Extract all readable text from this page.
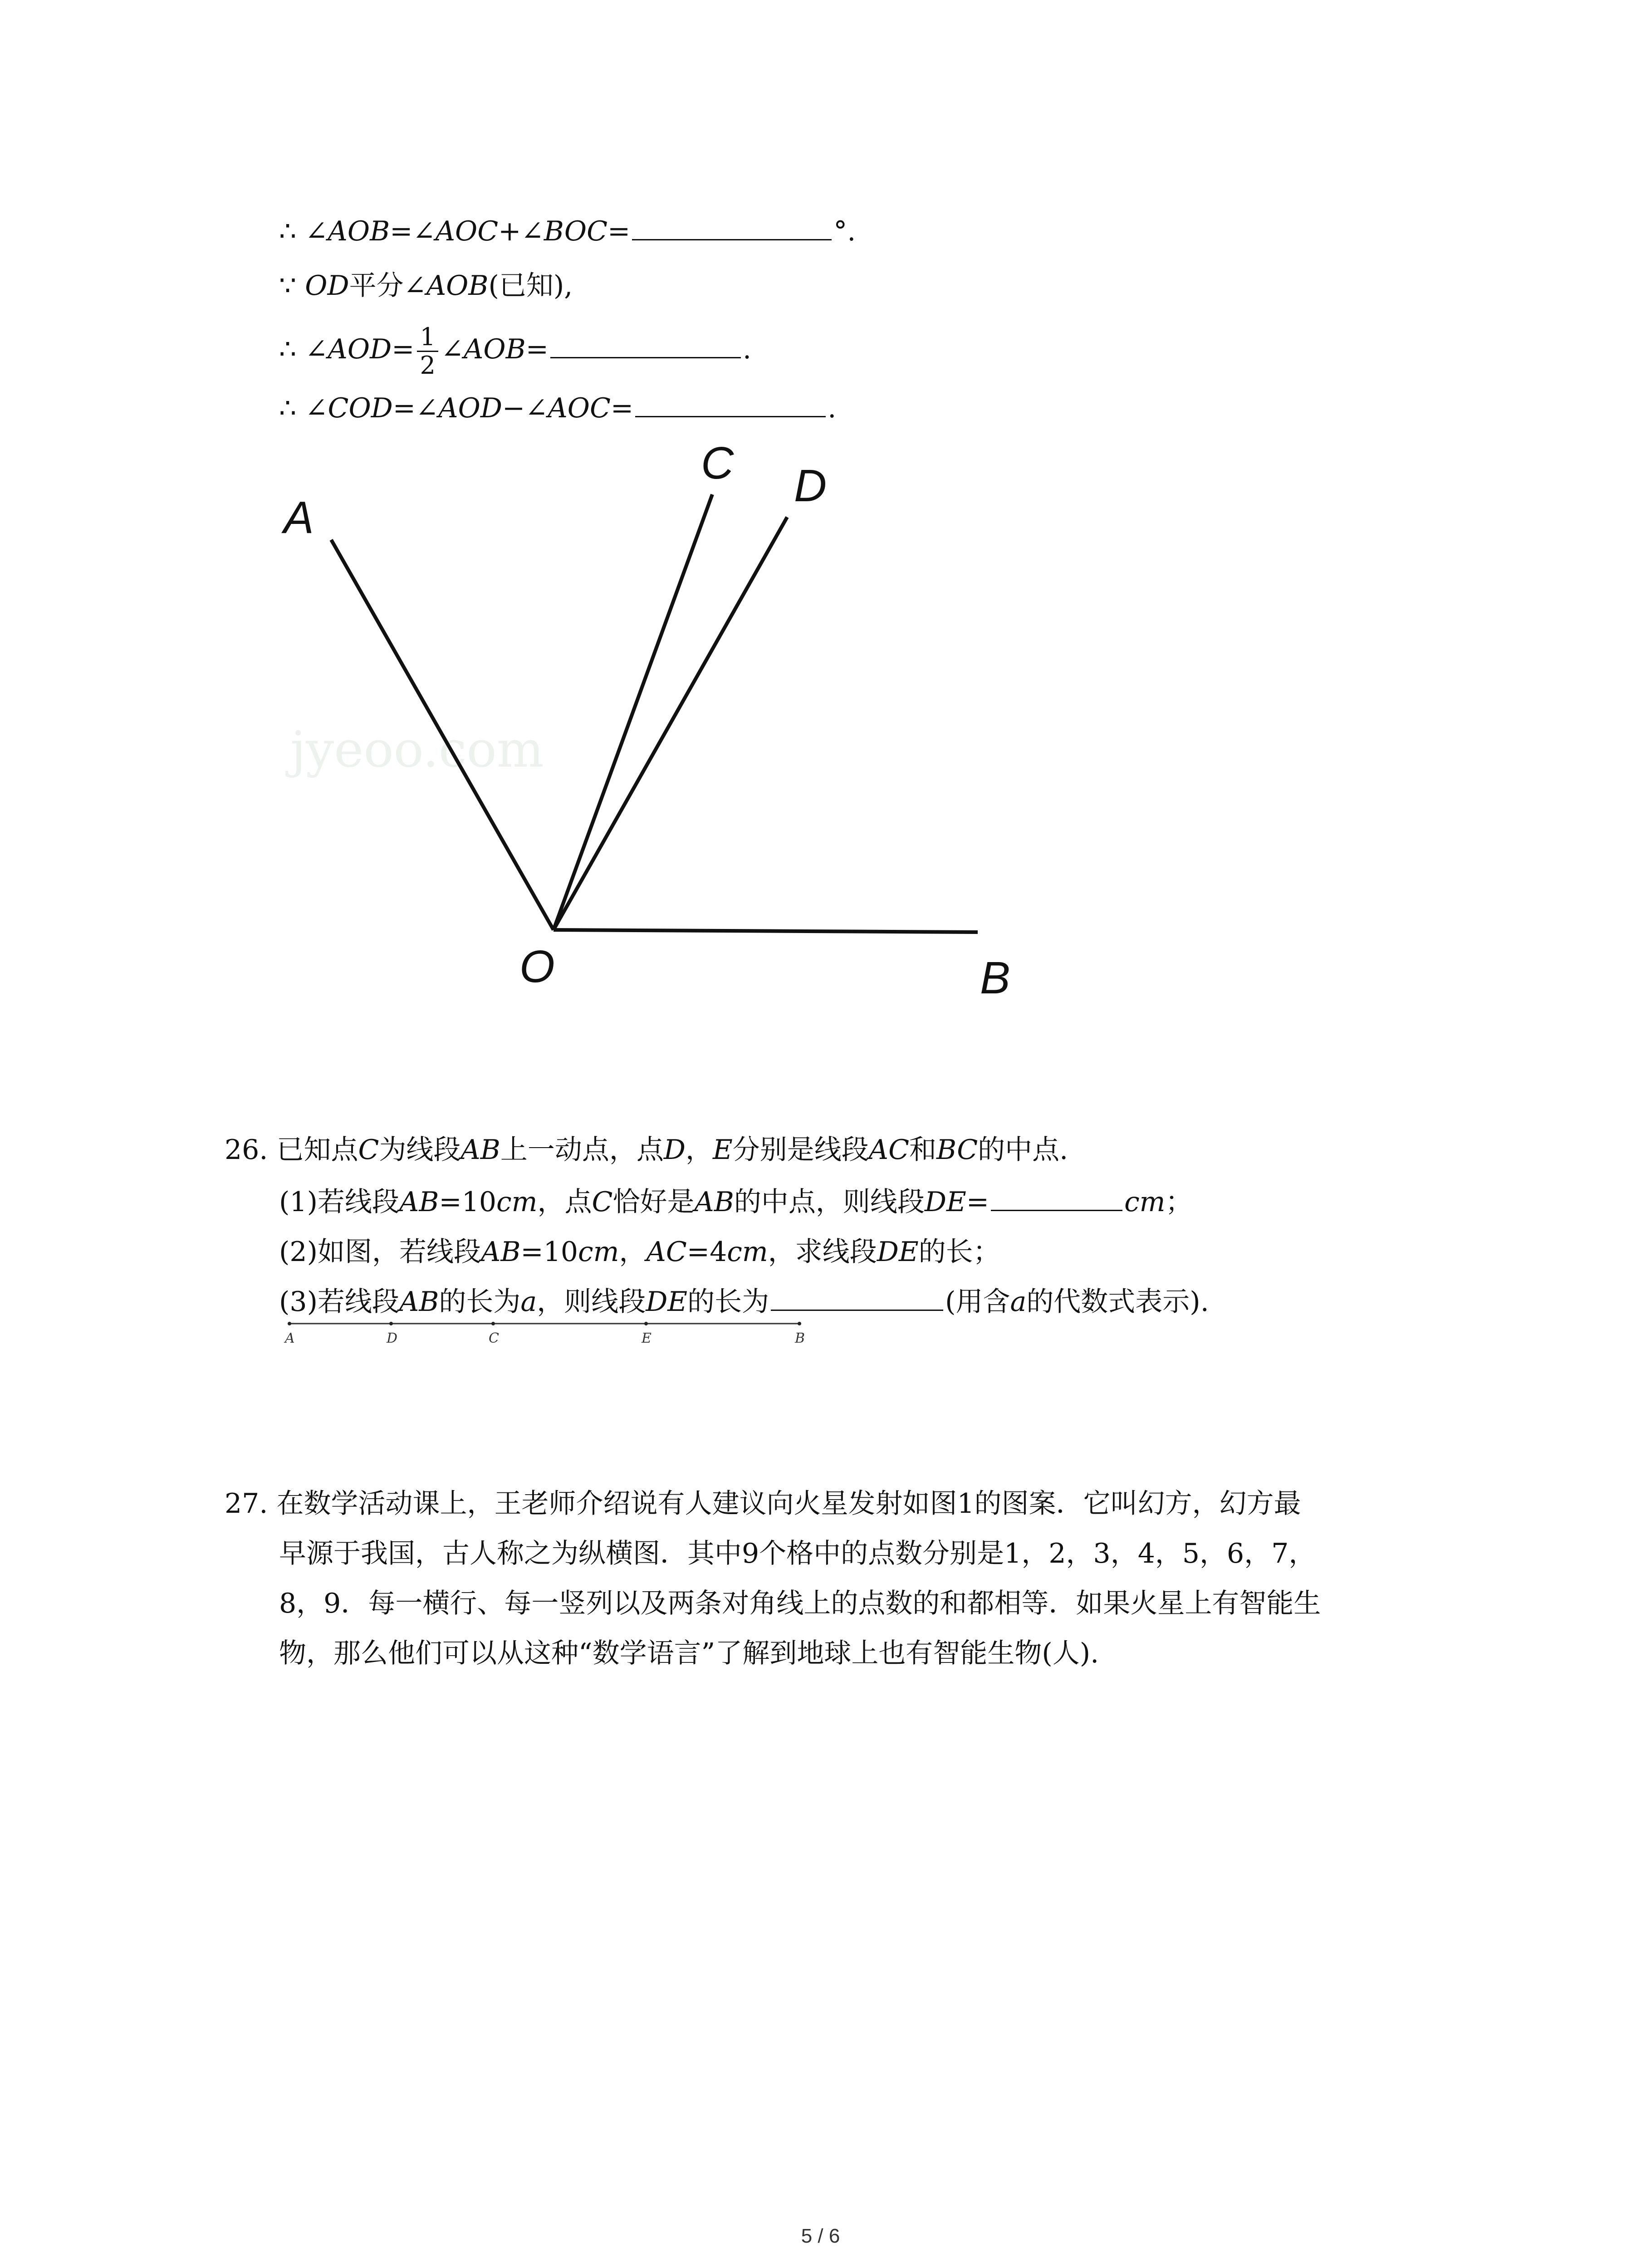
∴ ∠AOB=∠AOC+∠BOC=	°.
∵ OD平分∠AOB(已知),
∴ ∠AOD= $\frac{1}{2}$ ∠AOB=	.
∴ ∠COD=∠AOD−∠AOC=	.
jyeoo.com
A
C D
O	B
26. 已知点C为线段AB上一动点，点D，E分别是线段AC和BC的中点.
(1)若线段AB=10cm，点C恰好是AB的中点，则线段DE=	cm；
(2)如图，若线段AB=10cm，AC=4cm，求线段DE的长；
(3)若线段AB的长为a，则线段DE的长为	(用含a的代数式表示).
A	D	C	E	B
27. 在数学活动课上，王老师介绍说有人建议向火星发射如图1的图案．它叫幻方，幻方最
早源于我国，古人称之为纵横图．其中9个格中的点数分别是1，2，3，4，5，6，7，
8，9．每一横行、每一竖列以及两条对角线上的点数的和都相等．如果火星上有智能生
物，那么他们可以从这种“数学语言”了解到地球上也有智能生物(人).
5 / 6
